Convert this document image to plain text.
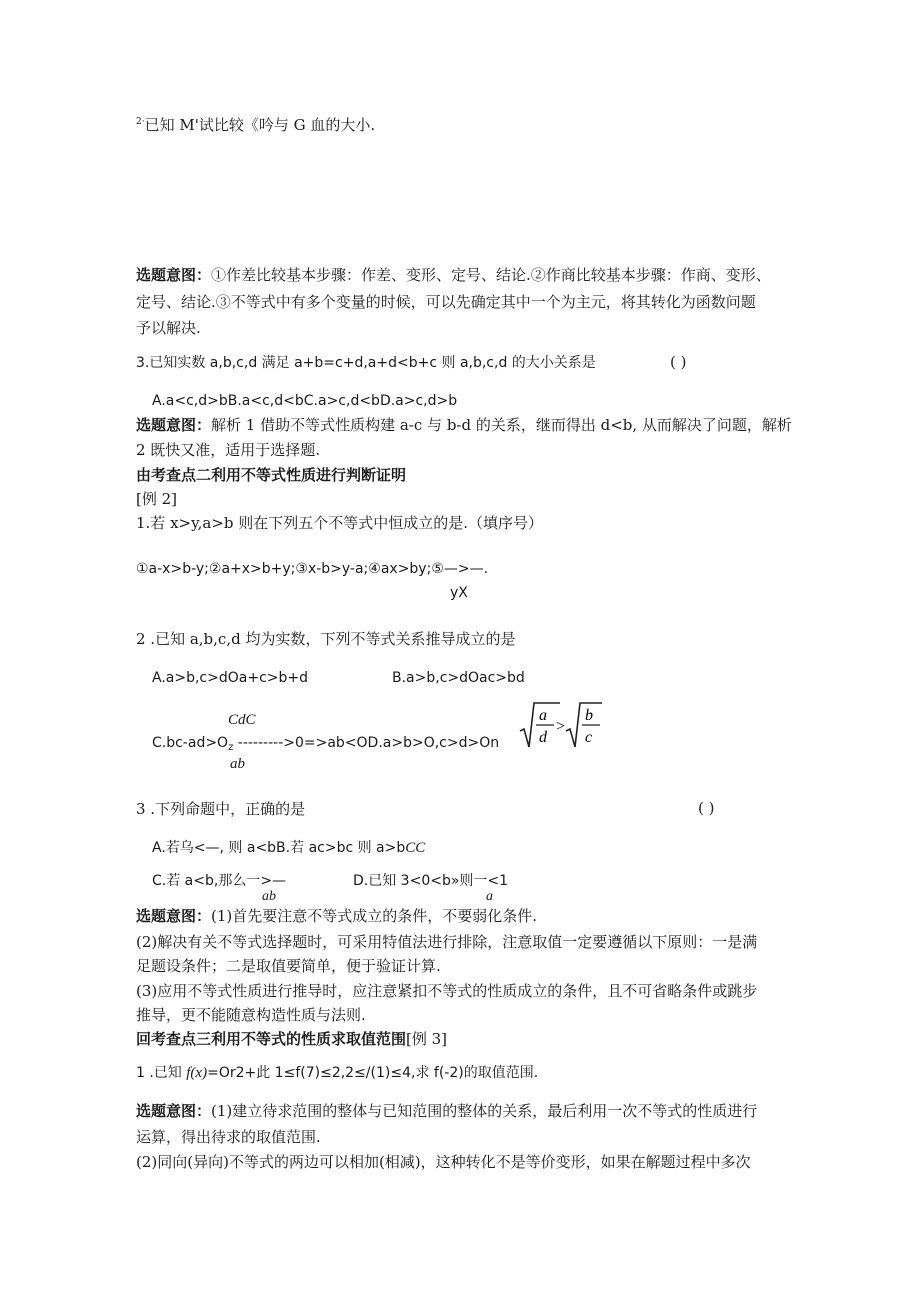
$^{2\cdot}$已知 M'试比较《吟与 G 血的大小.
选题意图：①作差比较基本步骤：作差、变形、定号、结论.②作商比较基本步骤：作商、变形、
定号、结论.③不等式中有多个变量的时候，可以先确定其中一个为主元，将其转化为函数问题
予以解决.
3.已知实数 a,b,c,d 满足 a+b=c+d,a+d<b+c 则 a,b,c,d 的大小关系是	( )
A.a<c,d>bB.a<c,d<bC.a>c,d<bD.a>c,d>b
选题意图：解析 1 借助不等式性质构建 a-c 与 b-d 的关系，继而得出 d<b, 从而解决了问题，解析
2 既快又准，适用于选择题.
由考查点二利用不等式性质进行判断证明
[例 2]
1.若 x>y,a>b 则在下列五个不等式中恒成立的是.（填序号）
①a-x>b-y;②a+x>b+y;③x-b>y-a;④ax>by;⑤—>—.
yX
2 .已知 a,b,c,d 均为实数，下列不等式关系推导成立的是
A.a>b,c>dOa+c>b+d	B.a>b,c>dOac>bd
CdC
$C.bc-ad>O_z$ --------->0=>ab<OD.a>b>O,c>d>On
ab
a
d
>
b
c
3 .下列命题中，正确的是	( )
A.若乌<—, 则 a<bB.若 ac>bc 则 a>bCC
C.若 a<b,那么一>—
ab
D.已知 3<0<b»则一<1
a
选题意图：(1)首先要注意不等式成立的条件，不要弱化条件.
(2)解决有关不等式选择题时，可采用特值法进行排除，注意取值一定要遵循以下原则：一是满
足题设条件；二是取值要简单，便于验证计算.
(3)应用不等式性质进行推导时，应注意紧扣不等式的性质成立的条件，且不可省略条件或跳步
推导，更不能随意构造性质与法则.
回考查点三利用不等式的性质求取值范围[例 3]
1 .已知 f(x)=Or2+此 1≤f(7)≤2,2≤/(1)≤4,求 f(-2)的取值范围.
选题意图：(1)建立待求范围的整体与已知范围的整体的关系，最后利用一次不等式的性质进行
运算，得出待求的取值范围.
(2)同向(异向)不等式的两边可以相加(相减)，这种转化不是等价变形，如果在解题过程中多次
